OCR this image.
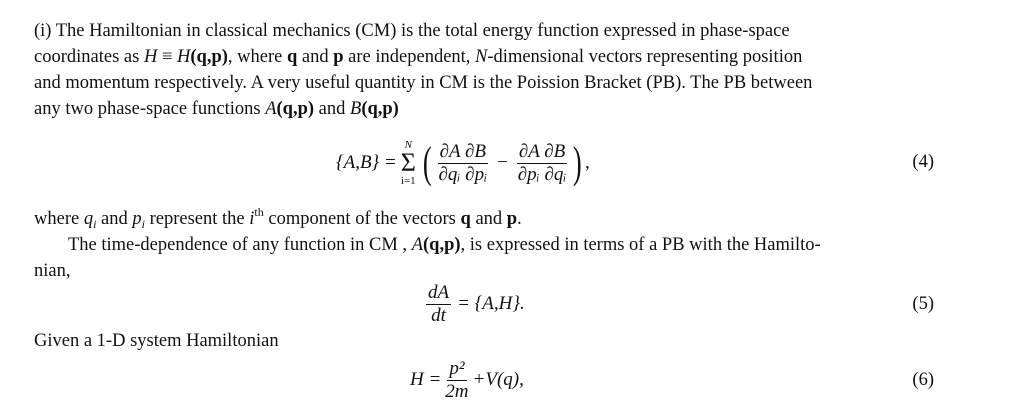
(i) The Hamiltonian in classical mechanics (CM) is the total energy function expressed in phase-space
coordinates as H ≡ H(q,p), where q and p are independent, N-dimensional vectors representing position
and momentum respectively. A very useful quantity in CM is the Poission Bracket (PB). The PB between
any two phase-space functions A(q,p) and B(q,p)
{A,B} =
N
Σ
i=1 ( $\frac{\partial A \partial B}{\text{∂qᵢ ∂pᵢ}} - \frac{\partial A \partial B}{\text{∂pᵢ ∂qᵢ}}$ ) ,	(4)
where $q_i$ and $p_i$ represent the $i^{th}$ component of the vectors q and p.
The time-dependence of any function in CM , A(q,p), is expressed in terms of a PB with the Hamilto-
nian,
$\frac{dA}{dt} = \{A,H\}$.	(5)
Given a 1-D system Hamiltonian
$H = \frac{\text{p²}}{2m} +V(q)$,	(6)
